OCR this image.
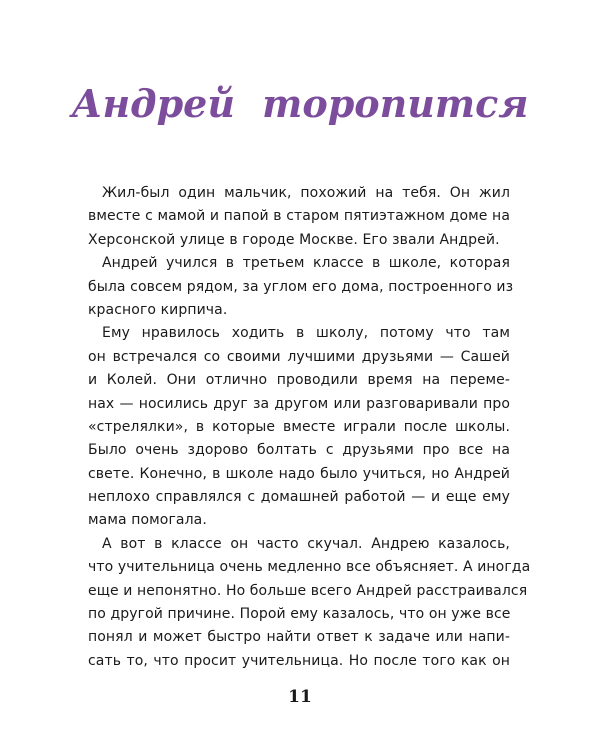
Андрей торопится

Жил-был один мальчик, похожий на тебя. Он жил
вместе с мамой и папой в старом пятиэтажном доме на
Херсонской улице в городе Москве. Его звали Андрей.

Андрей учился в третьем классе в школе, которая
была совсем рядом, за углом его дома, построенного из
красного кирпича.

Ему нравилось ходить в школу, потому что там
он встречался со своими лучшими друзьями — Сашей
и Колей. Они отлично проводили время на переме-
нах — носились друг за другом или разговаривали про
«стрелялки», в которые вместе играли после школы.
Было очень здорово болтать с друзьями про все на
свете. Конечно, в школе надо было учиться, но Андрей
неплохо справлялся с домашней работой — и еще ему
мама помогала.

А вот в классе он часто скучал. Андрею казалось,
что учительница очень медленно все объясняет. А иногда
еще и непонятно. Но больше всего Андрей расстраивался
по другой причине. Порой ему казалось, что он уже все
понял и может быстро найти ответ к задаче или напи-
сать то, что просит учительница. Но после того как он

11
